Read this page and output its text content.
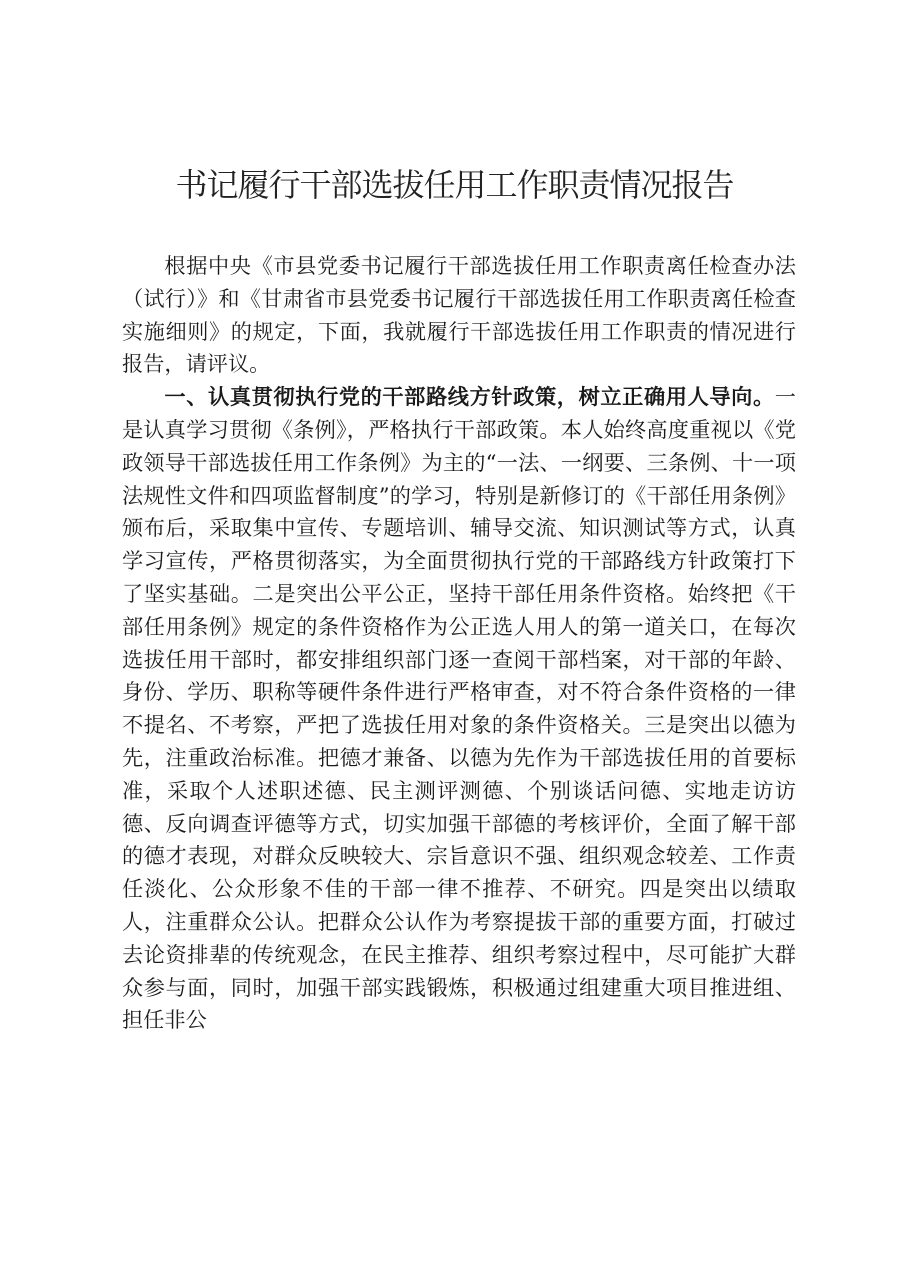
书记履行干部选拔任用工作职责情况报告

根据中央《市县党委书记履行干部选拔任用工作职责离任检查办法（试行）》和《甘肃省市县党委书记履行干部选拔任用工作职责离任检查实施细则》的规定，下面，我就履行干部选拔任用工作职责的情况进行报告，请评议。

一、认真贯彻执行党的干部路线方针政策，树立正确用人导向。一是认真学习贯彻《条例》，严格执行干部政策。本人始终高度重视以《党政领导干部选拔任用工作条例》为主的“一法、一纲要、三条例、十一项法规性文件和四项监督制度”的学习，特别是新修订的《干部任用条例》颁布后，采取集中宣传、专题培训、辅导交流、知识测试等方式，认真学习宣传，严格贯彻落实，为全面贯彻执行党的干部路线方针政策打下了坚实基础。二是突出公平公正，坚持干部任用条件资格。始终把《干部任用条例》规定的条件资格作为公正选人用人的第一道关口，在每次选拔任用干部时，都安排组织部门逐一查阅干部档案，对干部的年龄、身份、学历、职称等硬件条件进行严格审查，对不符合条件资格的一律不提名、不考察，严把了选拔任用对象的条件资格关。三是突出以德为先，注重政治标准。把德才兼备、以德为先作为干部选拔任用的首要标准，采取个人述职述德、民主测评测德、个别谈话问德、实地走访访德、反向调查评德等方式，切实加强干部德的考核评价，全面了解干部的德才表现，对群众反映较大、宗旨意识不强、组织观念较差、工作责任淡化、公众形象不佳的干部一律不推荐、不研究。四是突出以绩取人，注重群众公认。把群众公认作为考察提拔干部的重要方面，打破过去论资排辈的传统观念，在民主推荐、组织考察过程中，尽可能扩大群众参与面，同时，加强干部实践锻炼，积极通过组建重大项目推进组、担任非公
